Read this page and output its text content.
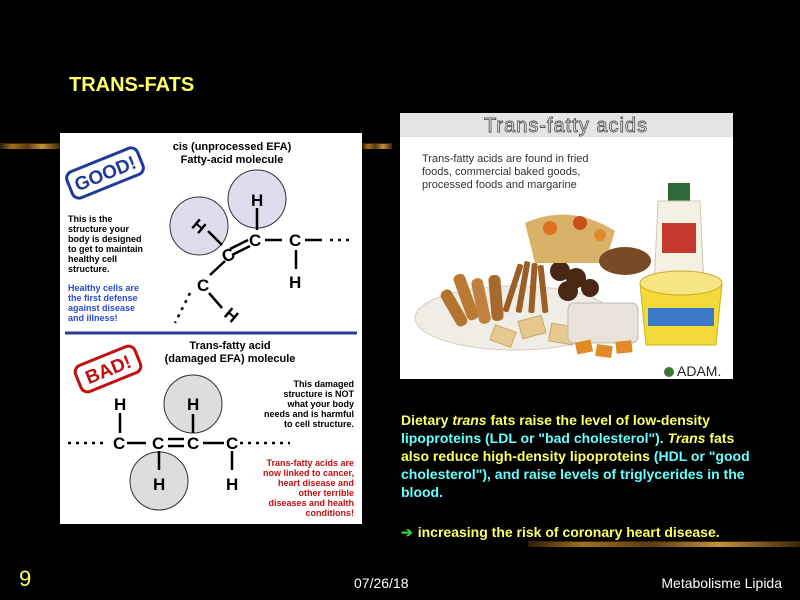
TRANS-FATS
cis (unprocessed EFA)
Fatty-acid molecule
GOOD!
This is the
structure your
body is designed
to get to maintain
healthy cell
structure.
Healthy cells are
the first defense
against disease
and illness!
H
H
C
C C
H
C
H
Trans-fatty acid
(damaged EFA) molecule
BAD!	This damaged
structure is NOT
what your body
needs and is harmful
to cell structure.
Trans-fatty acids are
now linked to cancer,
heart disease and
other terrible
diseases and health
conditions!
H	H
C C C C
H	H
Trans-fatty acids
Trans-fatty acids are found in fried
foods, commercial baked goods,
processed foods and margarine
ADAM.
Dietary trans fats raise the level of low-density lipoproteins (LDL or "bad cholesterol"). Trans fats also reduce high-density lipoproteins (HDL or "good cholesterol"), and raise levels of triglycerides in the blood.
➔ increasing the risk of coronary heart disease.
9	07/26/18	Metabolisme Lipida
